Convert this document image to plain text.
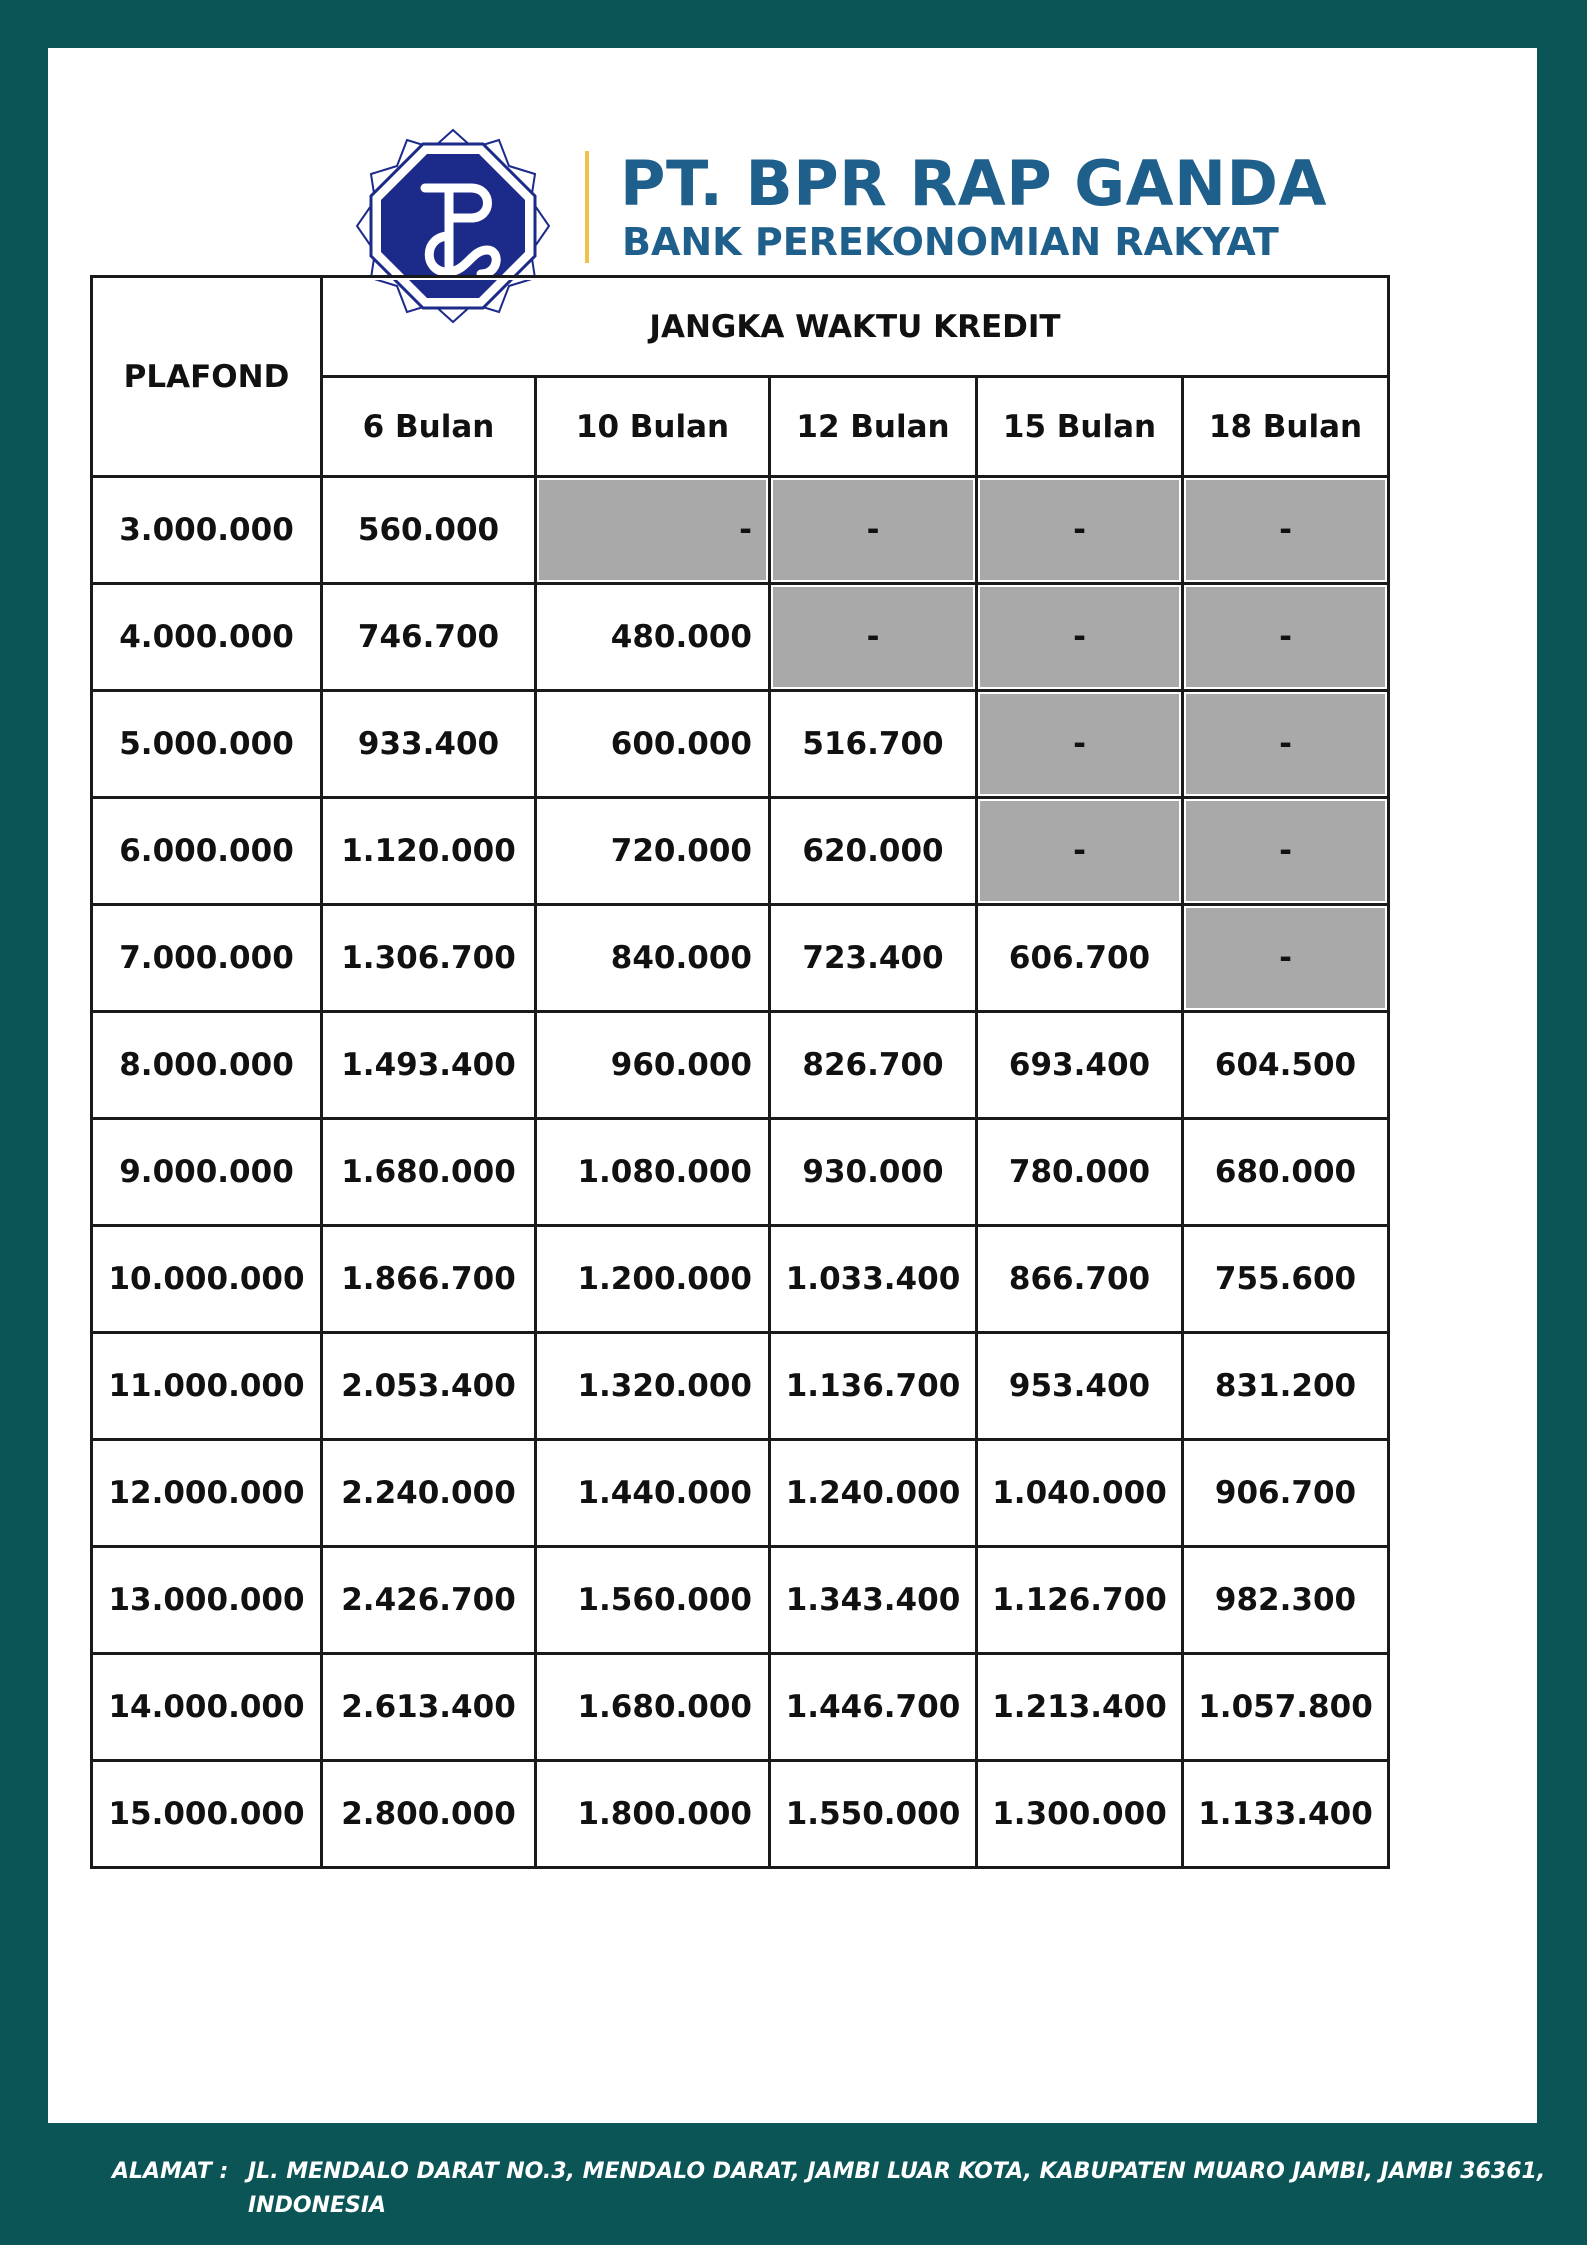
PT. BPR RAP GANDA
BANK PEREKONOMIAN RAKYAT
PLAFOND	JANGKA WAKTU KREDIT				
	6 Bulan	10 Bulan	12 Bulan	15 Bulan	18 Bulan
3.000.000	560.000	-	-	-	-
4.000.000	746.700	480.000	-	-	-
5.000.000	933.400	600.000	516.700	-	-
6.000.000	1.120.000	720.000	620.000	-	-
7.000.000	1.306.700	840.000	723.400	606.700	-
8.000.000	1.493.400	960.000	826.700	693.400	604.500
9.000.000	1.680.000	1.080.000	930.000	780.000	680.000
10.000.000	1.866.700	1.200.000	1.033.400	866.700	755.600
11.000.000	2.053.400	1.320.000	1.136.700	953.400	831.200
12.000.000	2.240.000	1.440.000	1.240.000	1.040.000	906.700
13.000.000	2.426.700	1.560.000	1.343.400	1.126.700	982.300
14.000.000	2.613.400	1.680.000	1.446.700	1.213.400	1.057.800
15.000.000	2.800.000	1.800.000	1.550.000	1.300.000	1.133.400
ALAMAT : JL. MENDALO DARAT NO.3, MENDALO DARAT, JAMBI LUAR KOTA, KABUPATEN MUARO JAMBI, JAMBI 36361, INDONESIA
